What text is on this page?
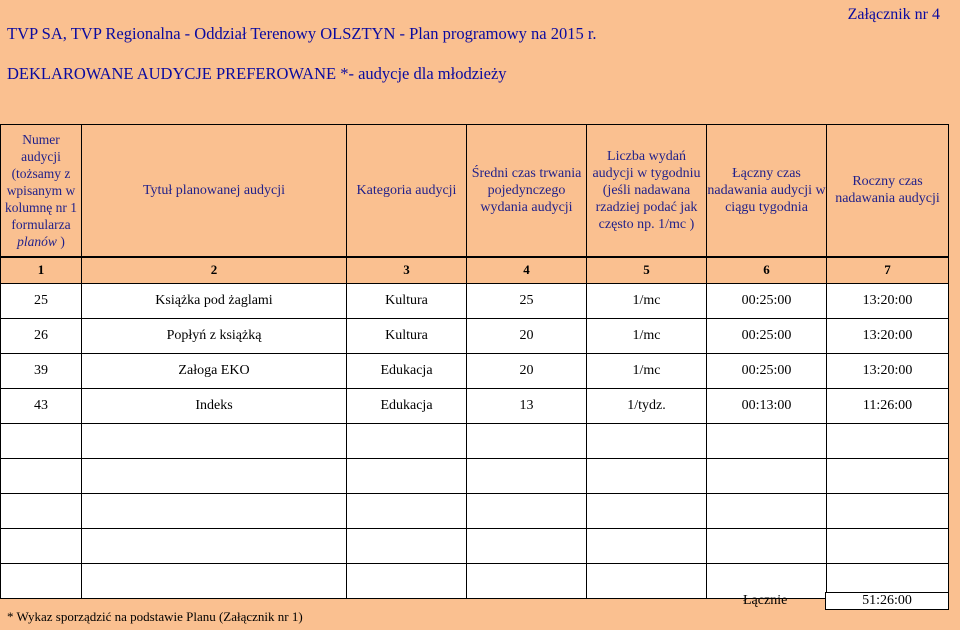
TVP SA, TVP Regionalna - Oddział Terenowy OLSZTYN - Plan programowy na 2015 r.
Załącznik nr 4
DEKLAROWANE AUDYCJE PREFEROWANE *- audycje dla młodzieży
Numer audycji (tożsamy z wpisanym w kolumnę nr 1 formularza planów )	Tytuł planowanej audycji	Kategoria audycji	Średni czas trwania pojedynczego wydania audycji	Liczba wydań audycji w tygodniu (jeśli nadawana rzadziej podać jak często np. 1/mc )	Łączny czas nadawania audycji w ciągu tygodnia	Roczny czas nadawania audycji
1	2	3	4	5	6	7
25	Książka pod żaglami	Kultura	25	1/mc	00:25:00	13:20:00
26	Popłyń z książką	Kultura	20	1/mc	00:25:00	13:20:00
39	Załoga EKO	Edukacja	20	1/mc	00:25:00	13:20:00
43	Indeks	Edukacja	13	1/tydz.	00:13:00	11:26:00

Łącznie	51:26:00
* Wykaz sporządzić na podstawie Planu (Załącznik nr 1)
